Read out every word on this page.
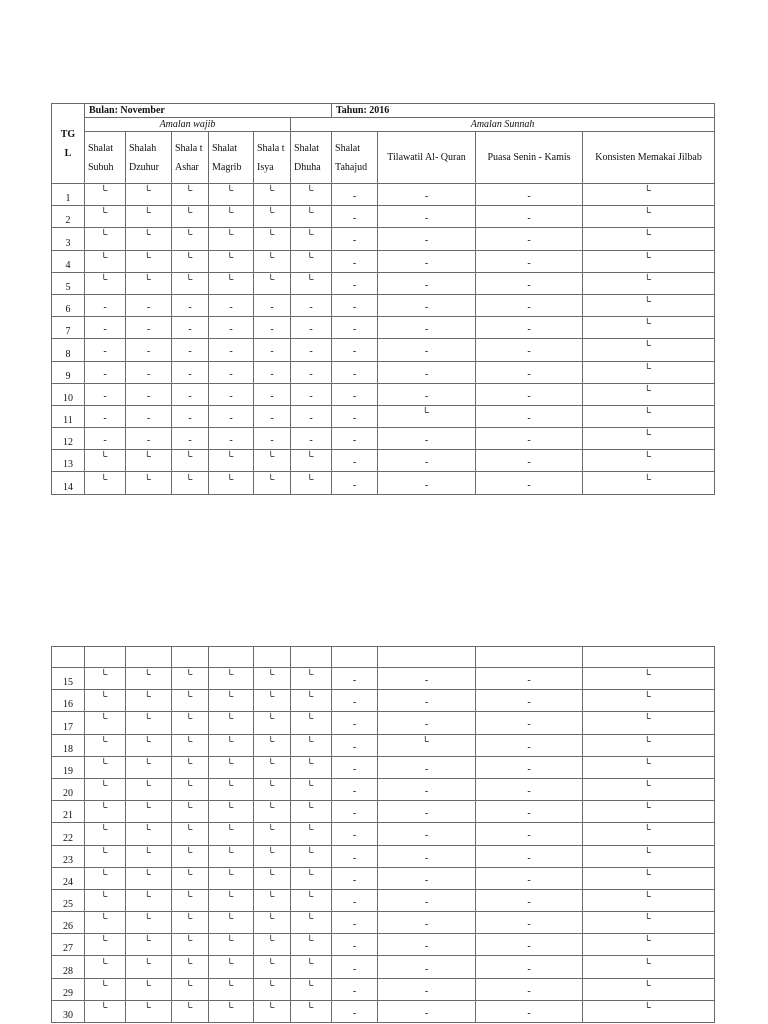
TGL	Bulan: November						Tahun: 2016			
	Amalan wajib					Amalan Sunnah				
	Shalat Subuh	Shalah Dzuhur	Shala t Ashar	Shalat Magrib	Shala t Isya	Shalat Dhuha	Shalat Tahajud	Tilawatil Al- Quran	Puasa Senin - Kamis	Konsisten Memakai Jilbab
1	ـا	ـا	ـا	ـا	ـا	ـا	-	-	-	ـا
2	ـا	ـا	ـا	ـا	ـا	ـا	-	-	-	ـا
3	ـا	ـا	ـا	ـا	ـا	ـا	-	-	-	ـا
4	ـا	ـا	ـا	ـا	ـا	ـا	-	-	-	ـا
5	ـا	ـا	ـا	ـا	ـا	ـا	-	-	-	ـا
6	-	-	-	-	-	-	-	-	-	ـا
7	-	-	-	-	-	-	-	-	-	ـا
8	-	-	-	-	-	-	-	-	-	ـا
9	-	-	-	-	-	-	-	-	-	ـا
10	-	-	-	-	-	-	-	-	-	ـا
11	-	-	-	-	-	-	-	ـا	-	ـا
12	-	-	-	-	-	-	-	-	-	ـا
13	ـا	ـا	ـا	ـا	ـا	ـا	-	-	-	ـا
14	ـا	ـا	ـا	ـا	ـا	ـا	-	-	-	ـا

15	ـا	ـا	ـا	ـا	ـا	ـا	-	-	-	ـا
16	ـا	ـا	ـا	ـا	ـا	ـا	-	-	-	ـا
17	ـا	ـا	ـا	ـا	ـا	ـا	-	-	-	ـا
18	ـا	ـا	ـا	ـا	ـا	ـا	-	ـا	-	ـا
19	ـا	ـا	ـا	ـا	ـا	ـا	-	-	-	ـا
20	ـا	ـا	ـا	ـا	ـا	ـا	-	-	-	ـا
21	ـا	ـا	ـا	ـا	ـا	ـا	-	-	-	ـا
22	ـا	ـا	ـا	ـا	ـا	ـا	-	-	-	ـا
23	ـا	ـا	ـا	ـا	ـا	ـا	-	-	-	ـا
24	ـا	ـا	ـا	ـا	ـا	ـا	-	-	-	ـا
25	ـا	ـا	ـا	ـا	ـا	ـا	-	-	-	ـا
26	ـا	ـا	ـا	ـا	ـا	ـا	-	-	-	ـا
27	ـا	ـا	ـا	ـا	ـا	ـا	-	-	-	ـا
28	ـا	ـا	ـا	ـا	ـا	ـا	-	-	-	ـا
29	ـا	ـا	ـا	ـا	ـا	ـا	-	-	-	ـا
30	ـا	ـا	ـا	ـا	ـا	ـا	-	-	-	ـا
